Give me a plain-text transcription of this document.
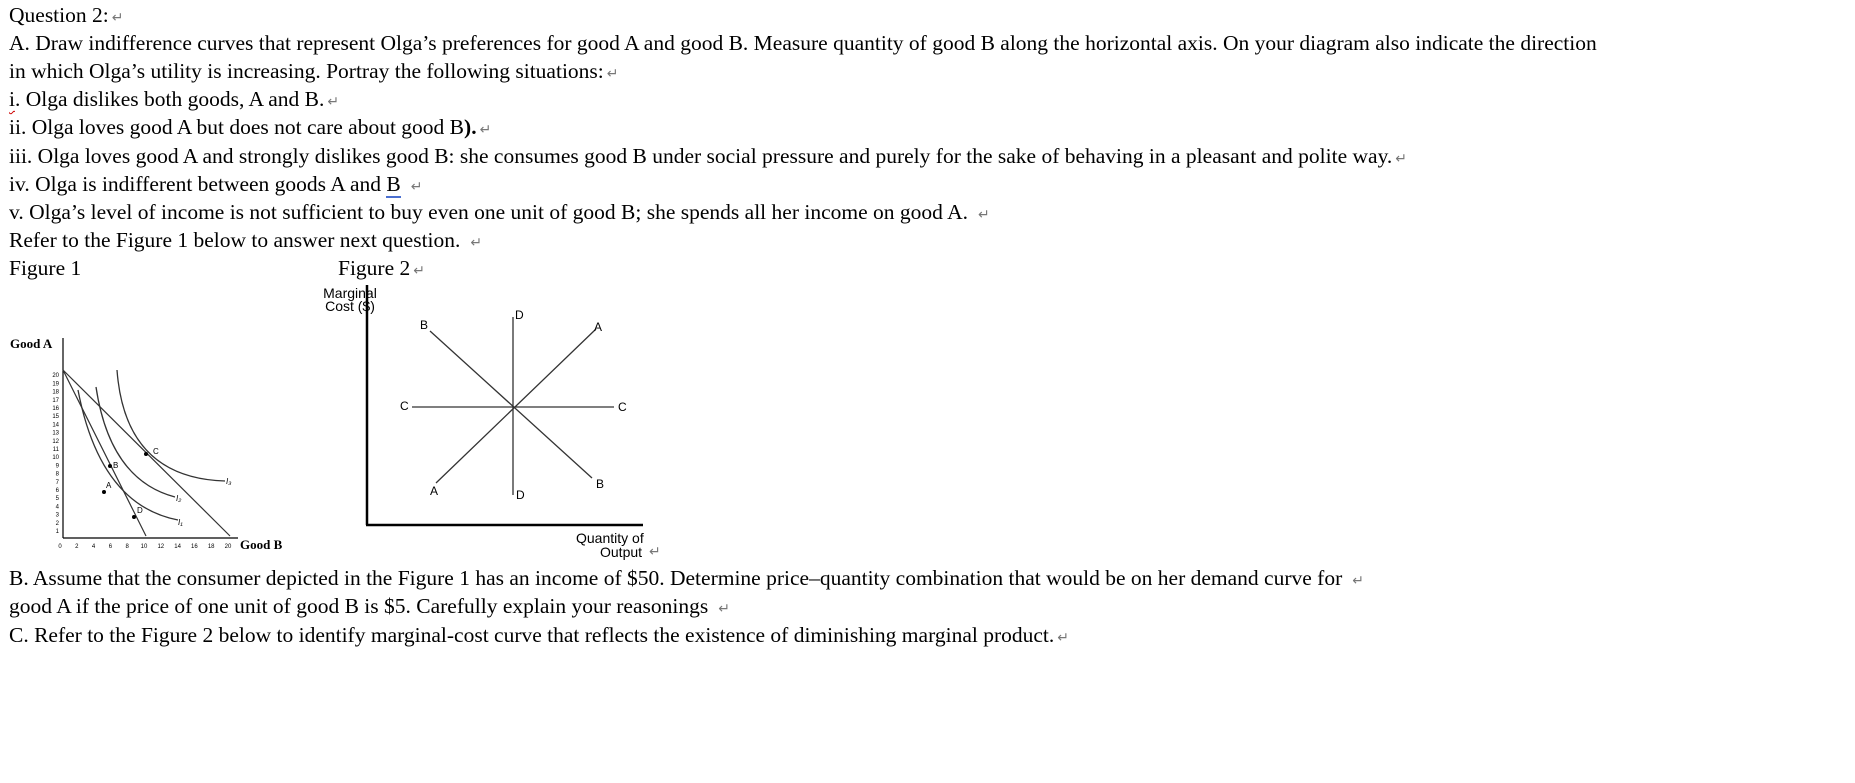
Question 2: ↵
A. Draw indifference curves that represent Olga’s preferences for good A and good B. Measure quantity of good B along the horizontal axis. On your diagram also indicate the direction
in which Olga’s utility is increasing. Portray the following situations: ↵
i. Olga dislikes both goods, A and B. ↵
ii. Olga loves good A but does not care about good B). ↵
iii. Olga loves good A and strongly dislikes good B: she consumes good B under social pressure and purely for the sake of behaving in a pleasant and polite way. ↵
iv. Olga is indifferent between goods A and B ↵
v. Olga’s level of income is not sufficient to buy even one unit of good B; she spends all her income on good A. ↵
Refer to the Figure 1 below to answer next question. ↵
Figure 1	Figure 2 ↵
Good A
1
2
3
4
5
6
7
8
9
10
11
12
13
14
15
16
17
18
19
20
0 2 4 6 8 10 12 14 16 18 20 Good B
I₁
I₂
I₃
A
B
C
D
A
A
B
B
C	C
D
D
Quantity of
Output
Marginal
Cost ($)
↵
B. Assume that the consumer depicted in the Figure 1 has an income of $50. Determine price–quantity combination that would be on her demand curve for ↵
good A if the price of one unit of good B is $5. Carefully explain your reasonings ↵
C. Refer to the Figure 2 below to identify marginal-cost curve that reflects the existence of diminishing marginal product. ↵
